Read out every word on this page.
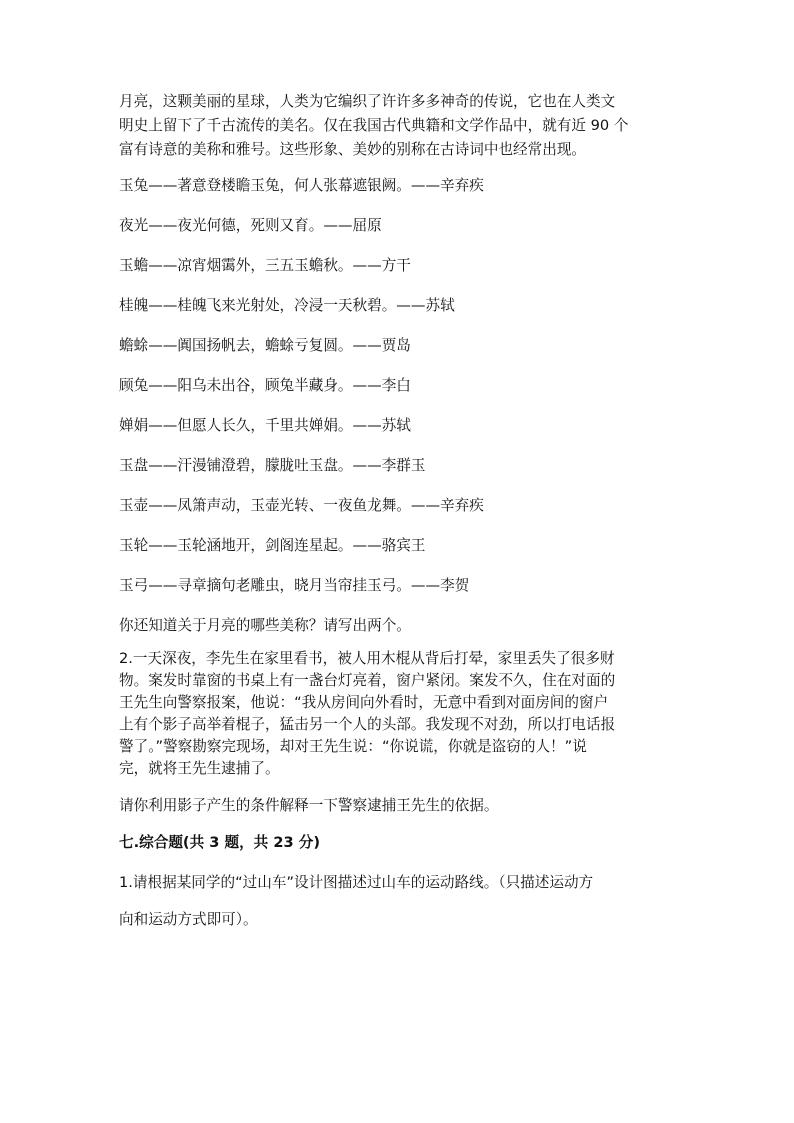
月亮，这颗美丽的星球，人类为它编织了许许多多神奇的传说，它也在人类文
明史上留下了千古流传的美名。仅在我国古代典籍和文学作品中，就有近 90 个
富有诗意的美称和雅号。这些形象、美妙的别称在古诗词中也经常出现。
玉兔——著意登楼瞻玉兔，何人张幕遮银阙。——辛弃疾
夜光——夜光何德，死则又育。——屈原
玉蟾——凉宵烟霭外，三五玉蟾秋。——方干
桂魄——桂魄飞来光射处，冷浸一天秋碧。——苏轼
蟾蜍——阗国扬帆去，蟾蜍亏复圆。——贾岛
顾兔——阳乌未出谷，顾兔半藏身。——李白
婵娟——但愿人长久，千里共婵娟。——苏轼
玉盘——汗漫铺澄碧，朦胧吐玉盘。——李群玉
玉壶——凤箫声动，玉壶光转、一夜鱼龙舞。——辛弃疾
玉轮——玉轮涵地开，剑阁连星起。——骆宾王
玉弓——寻章摘句老雕虫，晓月当帘挂玉弓。——李贺
你还知道关于月亮的哪些美称？请写出两个。
2.一天深夜，李先生在家里看书，被人用木棍从背后打晕，家里丢失了很多财
物。案发时靠窗的书桌上有一盏台灯亮着，窗户紧闭。案发不久，住在对面的
王先生向警察报案，他说：“我从房间向外看时，无意中看到对面房间的窗户
上有个影子高举着棍子，猛击另一个人的头部。我发现不对劲，所以打电话报
警了。”警察勘察完现场，却对王先生说：“你说谎，你就是盗窃的人！”说
完，就将王先生逮捕了。
请你利用影子产生的条件解释一下警察逮捕王先生的依据。
七.综合题(共 3 题，共 23 分)
1.请根据某同学的“过山车”设计图描述过山车的运动路线。（只描述运动方
向和运动方式即可）。
